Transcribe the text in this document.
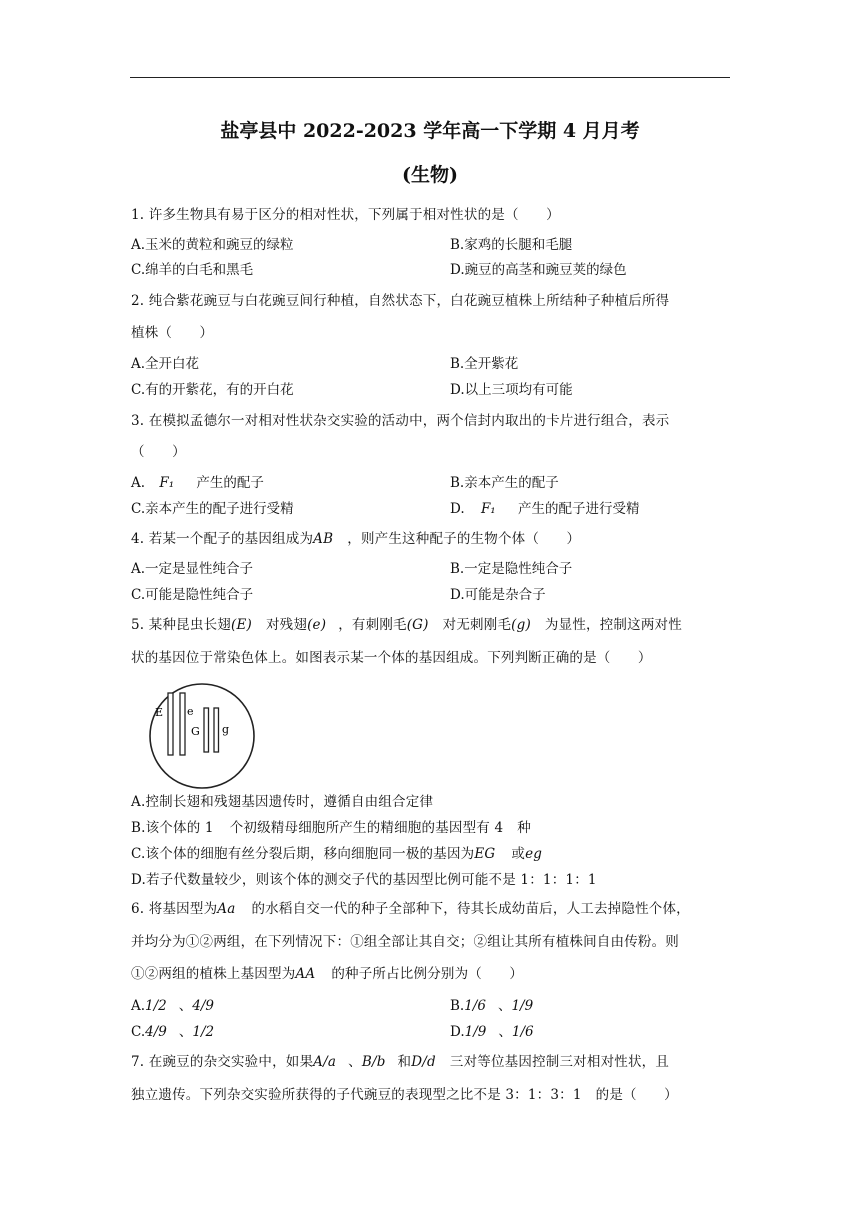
盐亭县中 2022-2023 学年高一下学期 4 月月考
(生物)
1. 许多生物具有易于区分的相对性状，下列属于相对性状的是（　　）
A.玉米的黄粒和豌豆的绿粒	B.家鸡的长腿和毛腿
C.绵羊的白毛和黑毛	D.豌豆的高茎和豌豆荚的绿色
2. 纯合紫花豌豆与白花豌豆间行种植，自然状态下，白花豌豆植株上所结种子种植后所得
植株（　　）
A.全开白花	B.全开紫花
C.有的开紫花，有的开白花	D.以上三项均有可能
3. 在模拟孟德尔一对相对性状杂交实验的活动中，两个信封内取出的卡片进行组合，表示
（　　）
A. F₁ 产生的配子	B.亲本产生的配子
C.亲本产生的配子进行受精	D. F₁ 产生的配子进行受精
4. 若某一个配子的基因组成为AB ，则产生这种配子的生物个体（　　）
A.一定是显性纯合子	B.一定是隐性纯合子
C.可能是隐性纯合子	D.可能是杂合子
5. 某种昆虫长翅(E) 对残翅(e) ，有刺刚毛(G) 对无刺刚毛(g) 为显性，控制这两对性
状的基因位于常染色体上。如图表示某一个体的基因组成。下列判断正确的是（　　）
E e
G g
A.控制长翅和残翅基因遗传时，遵循自由组合定律
B.该个体的 1 个初级精母细胞所产生的精细胞的基因型有 4 种
C.该个体的细胞有丝分裂后期，移向细胞同一极的基因为EG 或eg
D.若子代数量较少，则该个体的测交子代的基因型比例可能不是 1：1：1：1
6. 将基因型为Aa 的水稻自交一代的种子全部种下，待其长成幼苗后，人工去掉隐性个体，
并均分为①②两组，在下列情况下：①组全部让其自交；②组让其所有植株间自由传粉。则
①②两组的植株上基因型为AA 的种子所占比例分别为（　　）
A.1/2 、4/9	B.1/6 、1/9
C.4/9 、1/2	D.1/9 、1/6
7. 在豌豆的杂交实验中，如果A/a 、B/b 和D/d 三对等位基因控制三对相对性状，且
独立遗传。下列杂交实验所获得的子代豌豆的表现型之比不是 3：1：3：1 的是（　　）
